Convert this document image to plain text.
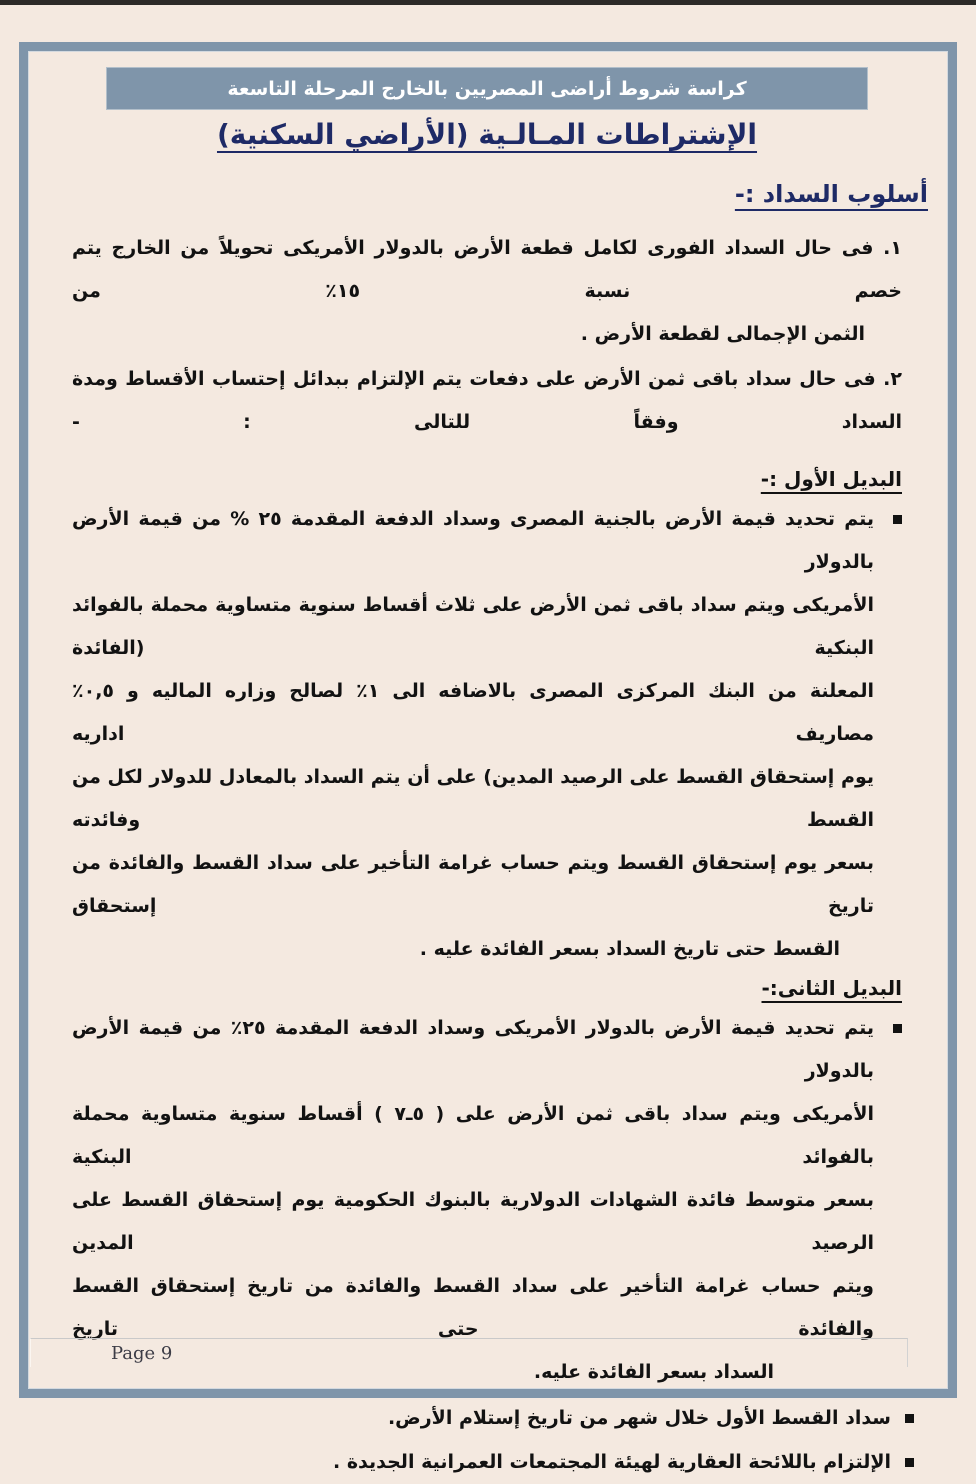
كراسة شروط أراضى المصريين بالخارج المرحلة التاسعة
الإشتراطات المـالـية (الأراضي السكنية)
أسلوب السداد :-
١. فى حال السداد الفورى لكامل قطعة الأرض بالدولار الأمريكى تحويلاً من الخارج يتم خصم نسبة ١٥٪ من
الثمن الإجمالى لقطعة الأرض .
٢. فى حال سداد باقى ثمن الأرض على دفعات يتم الإلتزام ببدائل إحتساب الأقساط ومدة السداد وفقاً للتالى : -
البديل الأول :-
يتم تحديد قيمة الأرض بالجنية المصرى وسداد الدفعة المقدمة ٢٥ % من قيمة الأرض بالدولار
الأمريكى ويتم سداد باقى ثمن الأرض على ثلاث أقساط سنوية متساوية محملة بالفوائد البنكية (الفائدة
المعلنة من البنك المركزى المصرى بالاضافه الى ١٪ لصالح وزاره الماليه و ٠,٥٪ مصاريف اداريه
يوم إستحقاق القسط على الرصيد المدين) على أن يتم السداد بالمعادل للدولار لكل من القسط وفائدته
بسعر يوم إستحقاق القسط ويتم حساب غرامة التأخير على سداد القسط والفائدة من تاريخ إستحقاق
القسط حتى تاريخ السداد بسعر الفائدة عليه .
البديل الثانى:-
يتم تحديد قيمة الأرض بالدولار الأمريكى وسداد الدفعة المقدمة ٢٥٪ من قيمة الأرض بالدولار
الأمريكى ويتم سداد باقى ثمن الأرض على ( ٥ـ٧ ) أقساط سنوية متساوية محملة بالفوائد البنكية
بسعر متوسط فائدة الشهادات الدولارية بالبنوك الحكومية يوم إستحقاق القسط على الرصيد المدين
ويتم حساب غرامة التأخير على سداد القسط والفائدة من تاريخ إستحقاق القسط والفائدة حتى تاريخ
السداد بسعر الفائدة عليه.
سداد القسط الأول خلال شهر من تاريخ إستلام الأرض.
الإلتزام باللائحة العقارية لهيئة المجتمعات العمرانية الجديدة .
Page 9
